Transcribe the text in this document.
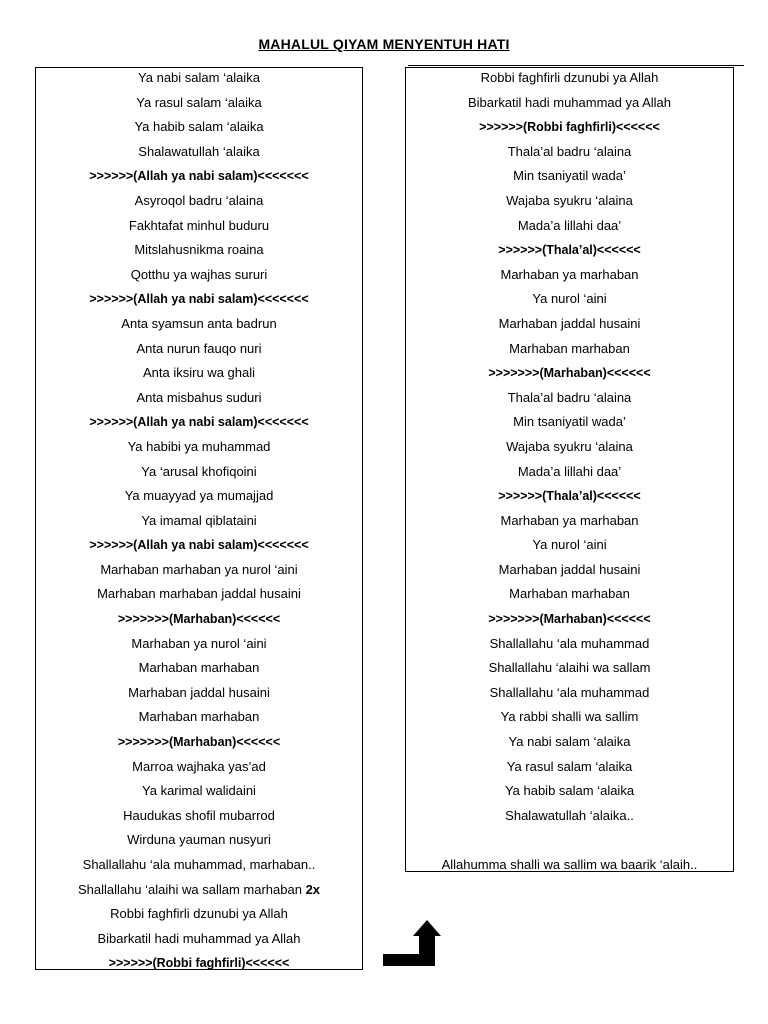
MAHALUL QIYAM MENYENTUH HATI
Ya nabi salam ‘alaika
Ya rasul salam ‘alaika
Ya habib salam ‘alaika
Shalawatullah ‘alaika
>>>>>>(Allah ya nabi salam)<<<<<<<
Asyroqol badru ‘alaina
Fakhtafat minhul buduru
Mitslahusnikma roaina
Qotthu ya wajhas sururi
>>>>>>(Allah ya nabi salam)<<<<<<<
Anta syamsun anta badrun
Anta nurun fauqo nuri
Anta iksiru wa ghali
Anta misbahus suduri
>>>>>>(Allah ya nabi salam)<<<<<<<
Ya habibi ya muhammad
Ya ‘arusal khofiqoini
Ya muayyad ya mumajjad
Ya imamal qiblataini
>>>>>>(Allah ya nabi salam)<<<<<<<
Marhaban marhaban ya nurol ‘aini
Marhaban marhaban jaddal husaini
>>>>>>>(Marhaban)<<<<<<
Marhaban ya nurol ‘aini
Marhaban marhaban
Marhaban jaddal husaini
Marhaban marhaban
>>>>>>>(Marhaban)<<<<<<
Marroa wajhaka yas’ad
Ya karimal walidaini
Haudukas shofil mubarrod
Wirduna yauman nusyuri
Shallallahu ‘ala muhammad, marhaban..
Shallallahu ‘alaihi wa sallam marhaban 2x
Robbi faghfirli dzunubi ya Allah
Bibarkatil hadi muhammad ya Allah
>>>>>>(Robbi faghfirli)<<<<<<
Robbi faghfirli dzunubi ya Allah
Bibarkatil hadi muhammad ya Allah
>>>>>>(Robbi faghfirli)<<<<<<
Thala’al badru ‘alaina
Min tsaniyatil wada’
Wajaba syukru ‘alaina
Mada’a lillahi daa’
>>>>>>(Thala’al)<<<<<<
Marhaban ya marhaban
Ya nurol ‘aini
Marhaban jaddal husaini
Marhaban marhaban
>>>>>>>(Marhaban)<<<<<<
Thala’al badru ‘alaina
Min tsaniyatil wada’
Wajaba syukru ‘alaina
Mada’a lillahi daa’
>>>>>>(Thala’al)<<<<<<
Marhaban ya marhaban
Ya nurol ‘aini
Marhaban jaddal husaini
Marhaban marhaban
>>>>>>>(Marhaban)<<<<<<
Shallallahu ‘ala muhammad
Shallallahu ‘alaihi wa sallam
Shallallahu ‘ala muhammad
Ya rabbi shalli wa sallim
Ya nabi salam ‘alaika
Ya rasul salam ‘alaika
Ya habib salam ‘alaika
Shalawatullah ‘alaika..
Allahumma shalli wa sallim wa baarik ‘alaih..
